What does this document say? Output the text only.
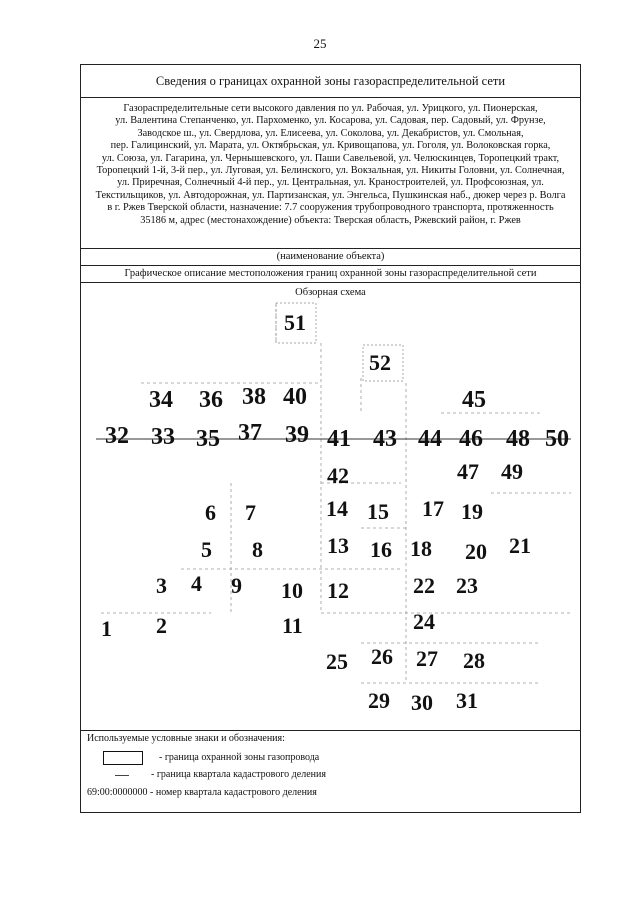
25
Сведения о границах охранной зоны газораспределительной сети
Газораспределительные сети высокого давления по ул. Рабочая, ул. Урицкого, ул. Пионерская,
ул. Валентина Степанченко, ул. Пархоменко, ул. Косарова, ул. Садовая, пер. Садовый, ул. Фрунзе,
Заводское ш., ул. Свердлова, ул. Елисеева, ул. Соколова, ул. Декабристов, ул. Смольная,
пер. Галицинский, ул. Марата, ул. Октябрьская, ул. Кривощапова, ул. Гоголя, ул. Волоковская горка,
ул. Союза, ул. Гагарина, ул. Чернышевского, ул. Паши Савельевой, ул. Челюскинцев, Торопецкий тракт,
Торопецкий 1-й, 3-й пер., ул. Луговая, ул. Белинского, ул. Вокзальная, ул. Никиты Головни, ул. Солнечная,
ул. Приречная, Солнечный 4-й пер., ул. Центральная, ул. Краностроителей, ул. Профсоюзная, ул.
Текстильщиков, ул. Автодорожная, ул. Партизанская, ул. Энгельса, Пушкинская наб., дюкер через р. Волга
в г. Ржев Тверской области, назначение: 7.7 сооружения трубопроводного транспорта, протяженность
35186 м, адрес (местонахождение) объекта: Тверская область, Ржевский район, г. Ржев
(наименование объекта)
Графическое описание местоположения границ охранной зоны газораспределительной сети
Обзорная схема
51
52
34 36 38 40	45
32 33 35 37 39 41 43 44 46 48 50
42	47 49
6 7	14 15 17 19
5 8	13 16 18 20 21
3 4 9 10 12	22 23
1 2	11	24
25 26 27 28
29 30 31
Используемые условные знаки и обозначения:
- граница охранной зоны газопровода
- граница квартала кадастрового деления
69:00:0000000 - номер квартала кадастрового деления
